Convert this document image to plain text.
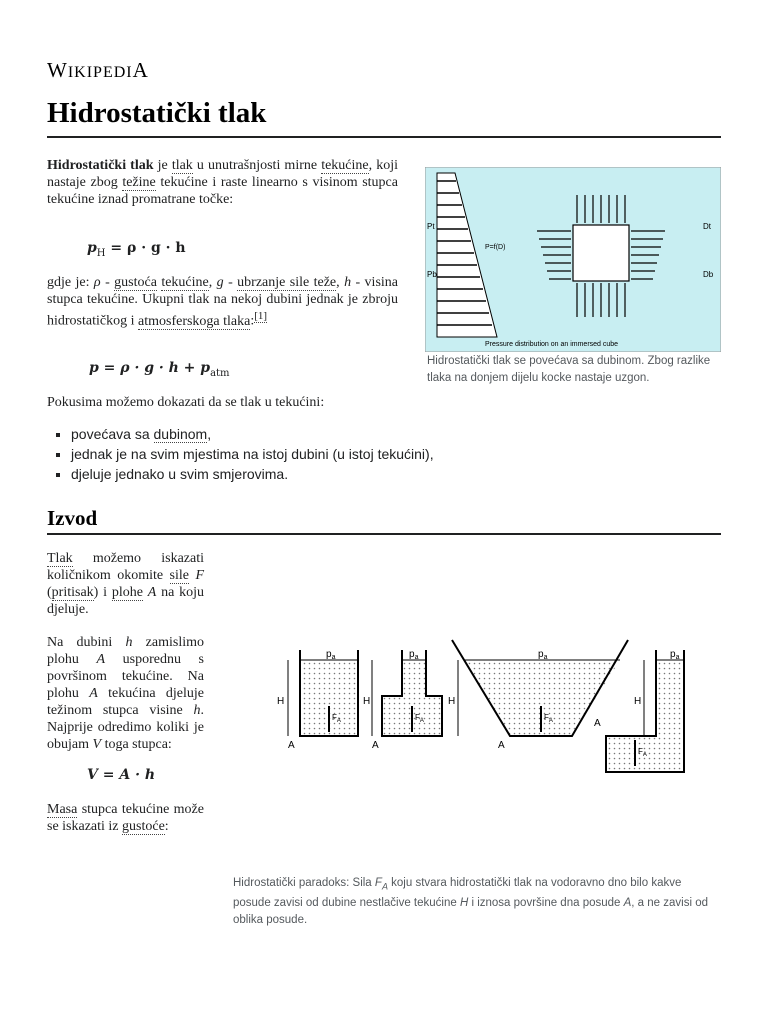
WIKIPEDIA
Hidrostatički tlak
Hidrostatički tlak je tlak u unutrašnjosti mirne tekućine, koji nastaje zbog težine tekućine i raste linearno s visinom stupca tekućine iznad promatrane točke:
$p_H = \rho \cdot g \cdot h$
gdje je: ρ - gustoća tekućine, g - ubrzanje sile teže, h - visina stupca tekućine. Ukupni tlak na nekoj dubini jednak je zbroju hidrostatičkog i atmosferskoga tlaka:[1]
$p = \rho \cdot g \cdot h + p_{atm}$
Pokusima možemo dokazati da se tlak u tekućini:
▪ povećava sa dubinom,
▪ jednak je na svim mjestima na istoj dubini (u istoj tekućini),
▪ djeluje jednako u svim smjerovima.
Pt
Pb
Dt
Db
P=f(D)
Pressure distribution on an immersed cube
Hidrostatički tlak se povećava sa dubinom. Zbog razlike tlaka na donjem dijelu kocke nastaje uzgon.
Izvod
Tlak možemo iskazati količnikom okomite sile F (pritisak) i plohe A na koju djeluje.
Na dubini h zamislimo plohu A usporednu s površinom tekućine. Na plohu A tekućina djeluje težinom stupca visine h. Najprije odredimo koliki je obujam V toga stupca:
V = A · h
Masa stupca tekućine može se iskazati iz gustoće:
$p_a$	$p_a$	$p_a$	$p_a$
H	H	H	H
A	A	A
A
$F_A$	$F_A$	$F_A$
$F_A$
Hidrostatički paradoks: Sila $F_A$ koju stvara hidrostatički tlak na vodoravno dno bilo kakve posude zavisi od dubine nestlačive tekućine H i iznosa površine dna posude A, a ne zavisi od oblika posude.
